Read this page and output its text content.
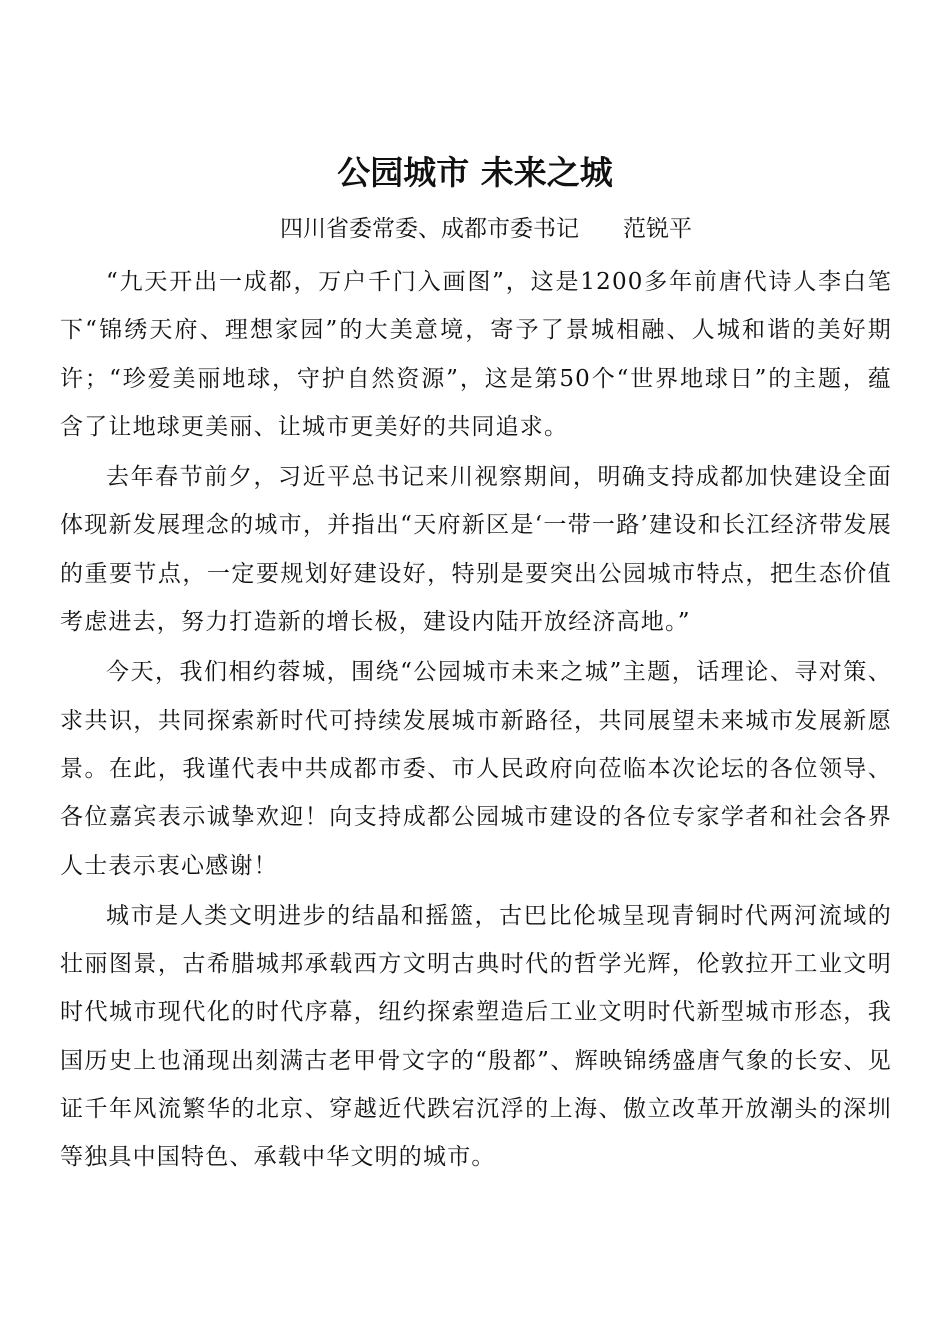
公园城市 未来之城
四川省委常委、成都市委书记 范锐平

“九天开出一成都，万户千门入画图”，这是1200多年前唐代诗人李白笔下“锦绣天府、理想家园”的大美意境，寄予了景城相融、人城和谐的美好期许；“珍爱美丽地球，守护自然资源”，这是第50个“世界地球日”的主题，蕴含了让地球更美丽、让城市更美好的共同追求。

去年春节前夕，习近平总书记来川视察期间，明确支持成都加快建设全面体现新发展理念的城市，并指出“天府新区是‘一带一路’建设和长江经济带发展的重要节点，一定要规划好建设好，特别是要突出公园城市特点，把生态价值考虑进去，努力打造新的增长极，建设内陆开放经济高地。”

今天，我们相约蓉城，围绕“公园城市未来之城”主题，话理论、寻对策、求共识，共同探索新时代可持续发展城市新路径，共同展望未来城市发展新愿景。在此，我谨代表中共成都市委、市人民政府向莅临本次论坛的各位领导、各位嘉宾表示诚挚欢迎！向支持成都公园城市建设的各位专家学者和社会各界人士表示衷心感谢！

城市是人类文明进步的结晶和摇篮，古巴比伦城呈现青铜时代两河流域的壮丽图景，古希腊城邦承载西方文明古典时代的哲学光辉，伦敦拉开工业文明时代城市现代化的时代序幕，纽约探索塑造后工业文明时代新型城市形态，我国历史上也涌现出刻满古老甲骨文字的“殷都”、辉映锦绣盛唐气象的长安、见证千年风流繁华的北京、穿越近代跌宕沉浮的上海、傲立改革开放潮头的深圳等独具中国特色、承载中华文明的城市。
